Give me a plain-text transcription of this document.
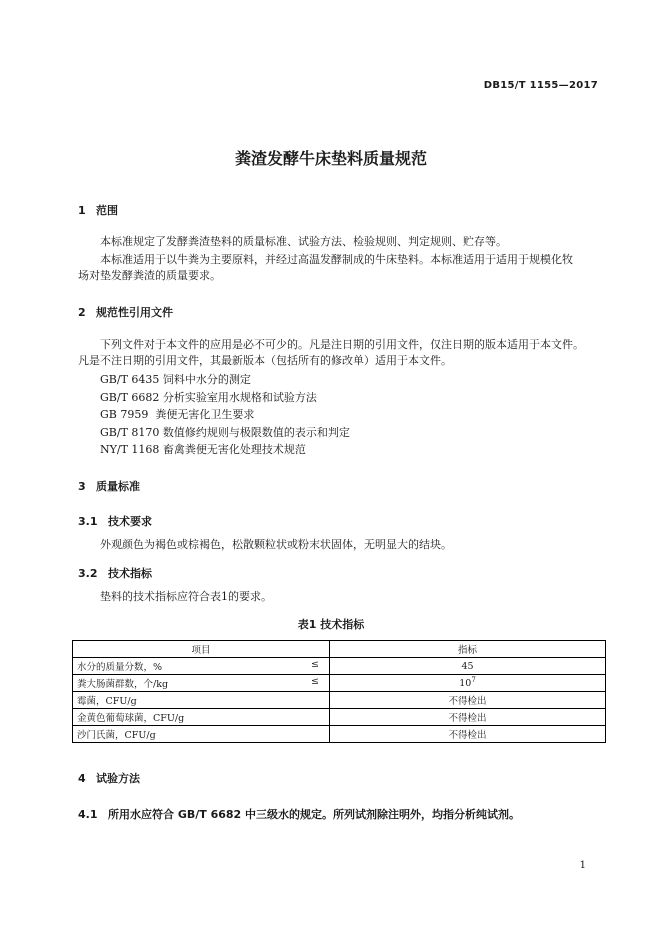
DB15/T 1155—2017
粪渣发酵牛床垫料质量规范
1 范围
本标准规定了发酵粪渣垫料的质量标准、试验方法、检验规则、判定规则、贮存等。
本标准适用于以牛粪为主要原料，并经过高温发酵制成的牛床垫料。本标准适用于适用于规模化牧
场对垫发酵粪渣的质量要求。
2 规范性引用文件
下列文件对于本文件的应用是必不可少的。凡是注日期的引用文件，仅注日期的版本适用于本文件。
凡是不注日期的引用文件，其最新版本（包括所有的修改单）适用于本文件。
GB/T 6435 饲料中水分的测定
GB/T 6682 分析实验室用水规格和试验方法
GB 7959  粪便无害化卫生要求
GB/T 8170 数值修约规则与极限数值的表示和判定
NY/T 1168 畜禽粪便无害化处理技术规范
3 质量标准
3.1 技术要求
外观颜色为褐色或棕褐色，松散颗粒状或粉末状固体，无明显大的结块。
3.2 技术指标
垫料的技术指标应符合表1的要求。
表1 技术指标
项目	指标

水分的质量分数，% ≤	45

粪大肠菌群数，个/kg ≤	$10^7$

霉菌，CFU/g	不得检出

金黄色葡萄球菌，CFU/g	不得检出

沙门氏菌，CFU/g	不得检出
4 试验方法
4.1 所用水应符合 GB/T 6682 中三级水的规定。所列试剂除注明外，均指分析纯试剂。
1
